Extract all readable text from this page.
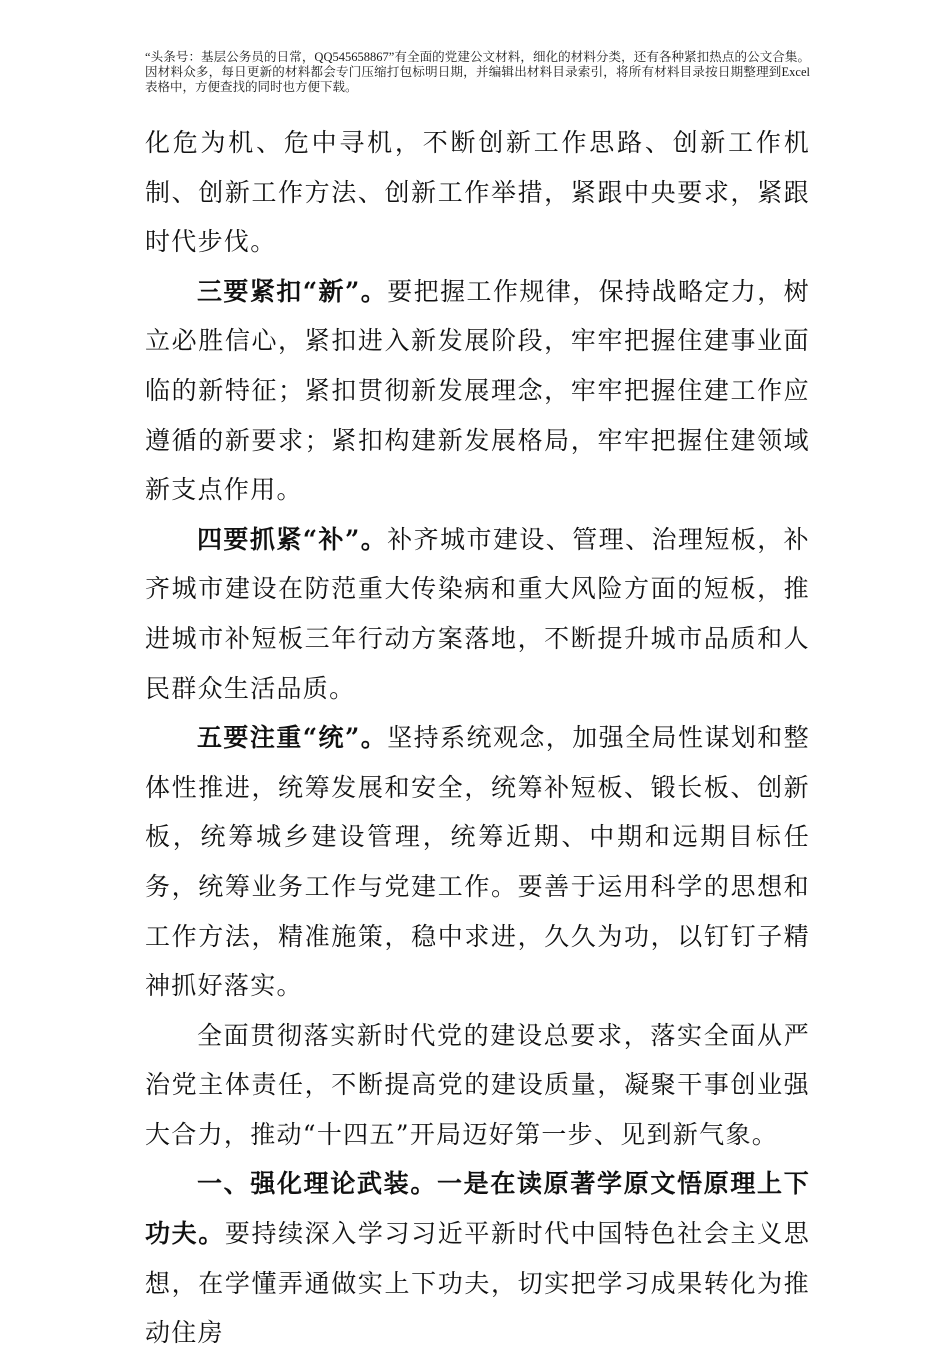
“头条号：基层公务员的日常，QQ545658867”有全面的党建公文材料，细化的材料分类，还有各种紧扣热点的公文合集。因材料众多，每日更新的材料都会专门压缩打包标明日期，并编辑出材料目录索引，将所有材料目录按日期整理到Excel表格中，方便查找的同时也方便下载。

化危为机、危中寻机，不断创新工作思路、创新工作机制、创新工作方法、创新工作举措，紧跟中央要求，紧跟时代步伐。

三要紧扣“新”。要把握工作规律，保持战略定力，树立必胜信心，紧扣进入新发展阶段，牢牢把握住建事业面临的新特征；紧扣贯彻新发展理念，牢牢把握住建工作应遵循的新要求；紧扣构建新发展格局，牢牢把握住建领域新支点作用。

四要抓紧“补”。补齐城市建设、管理、治理短板，补齐城市建设在防范重大传染病和重大风险方面的短板，推进城市补短板三年行动方案落地，不断提升城市品质和人民群众生活品质。

五要注重“统”。坚持系统观念，加强全局性谋划和整体性推进，统筹发展和安全，统筹补短板、锻长板、创新板，统筹城乡建设管理，统筹近期、中期和远期目标任务，统筹业务工作与党建工作。要善于运用科学的思想和工作方法，精准施策，稳中求进，久久为功，以钉钉子精神抓好落实。

全面贯彻落实新时代党的建设总要求，落实全面从严治党主体责任，不断提高党的建设质量，凝聚干事创业强大合力，推动“十四五”开局迈好第一步、见到新气象。

一、强化理论武装。一是在读原著学原文悟原理上下功夫。要持续深入学习习近平新时代中国特色社会主义思想，在学懂弄通做实上下功夫，切实把学习成果转化为推动住房
